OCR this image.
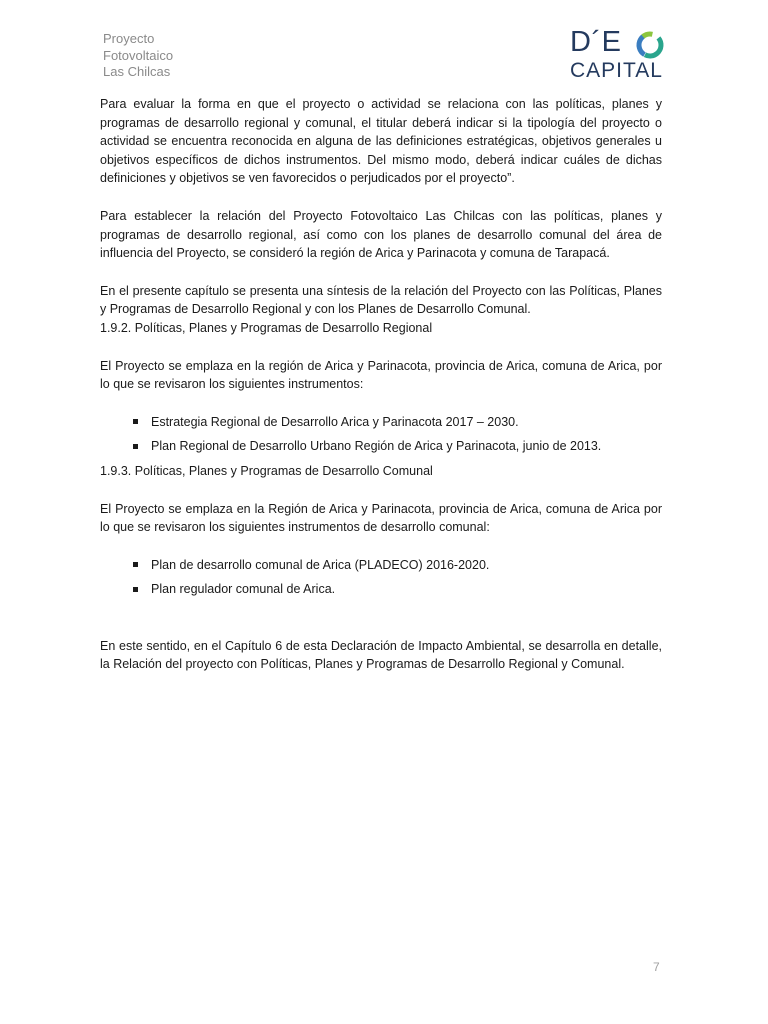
Proyecto
Fotovoltaico
Las Chilcas
D´E
CAPITAL

Para evaluar la forma en que el proyecto o actividad se relaciona con las políticas, planes y programas de desarrollo regional y comunal, el titular deberá indicar si la tipología del proyecto o actividad se encuentra reconocida en alguna de las definiciones estratégicas, objetivos generales u objetivos específicos de dichos instrumentos. Del mismo modo, deberá indicar cuáles de dichas definiciones y objetivos se ven favorecidos o perjudicados por el proyecto”.

Para establecer la relación del Proyecto Fotovoltaico Las Chilcas con las políticas, planes y programas de desarrollo regional, así como con los planes de desarrollo comunal del área de influencia del Proyecto, se consideró la región de Arica y Parinacota y comuna de Tarapacá.

En el presente capítulo se presenta una síntesis de la relación del Proyecto con las Políticas, Planes y Programas de Desarrollo Regional y con los Planes de Desarrollo Comunal.

1.9.2. Políticas, Planes y Programas de Desarrollo Regional

El Proyecto se emplaza en la región de Arica y Parinacota, provincia de Arica, comuna de Arica, por lo que se revisaron los siguientes instrumentos:

Estrategia Regional de Desarrollo Arica y Parinacota 2017 – 2030.
Plan Regional de Desarrollo Urbano Región de Arica y Parinacota, junio de 2013.

1.9.3. Políticas, Planes y Programas de Desarrollo Comunal

El Proyecto se emplaza en la Región de Arica y Parinacota, provincia de Arica, comuna de Arica por lo que se revisaron los siguientes instrumentos de desarrollo comunal:

Plan de desarrollo comunal de Arica (PLADECO) 2016-2020.
Plan regulador comunal de Arica.

En este sentido, en el Capítulo 6 de esta Declaración de Impacto Ambiental, se desarrolla en detalle, la Relación del proyecto con Políticas, Planes y Programas de Desarrollo Regional y Comunal.

7
